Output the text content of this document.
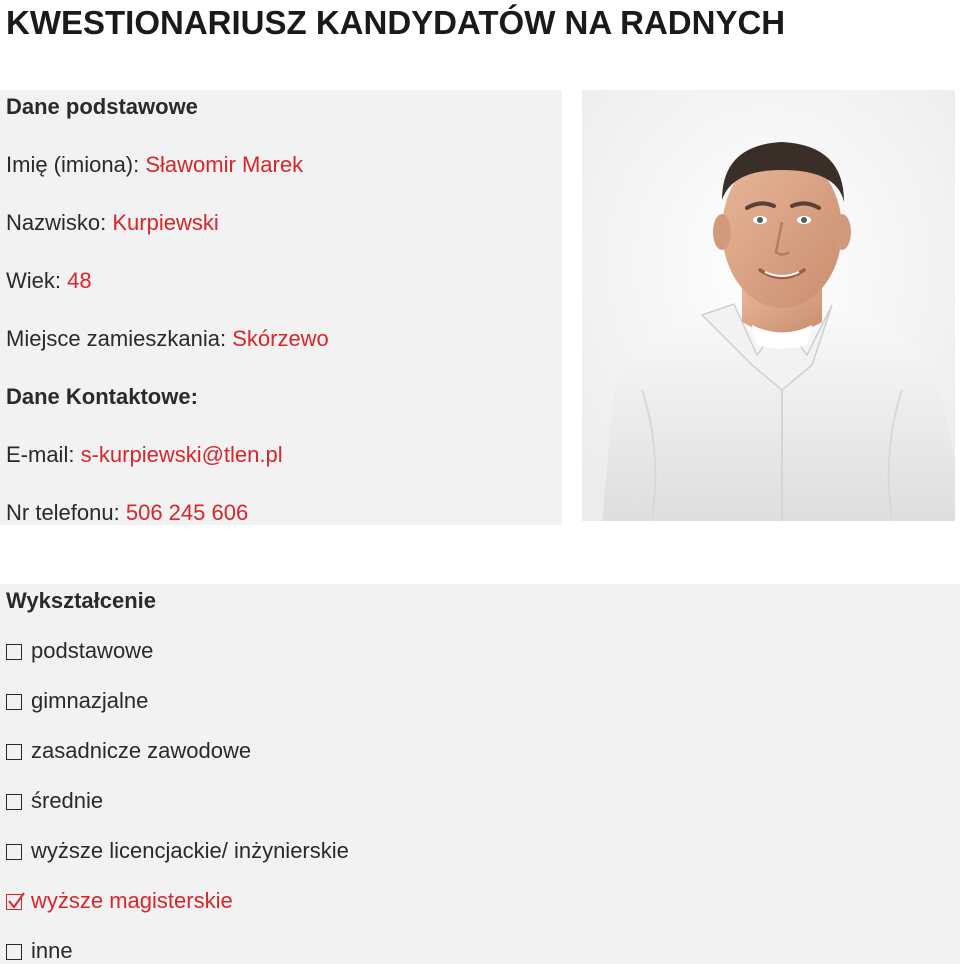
KWESTIONARIUSZ KANDYDATÓW NA RADNYCH
Dane podstawowe
Imię (imiona): Sławomir Marek
Nazwisko: Kurpiewski
Wiek: 48
Miejsce zamieszkania: Skórzewo
Dane Kontaktowe:
E-mail: s-kurpiewski@tlen.pl
Nr telefonu: 506 245 606
Wykształcenie
podstawowe
gimnazjalne
zasadnicze zawodowe
średnie
wyższe licencjackie/ inżynierskie
wyższe magisterskie
inne
